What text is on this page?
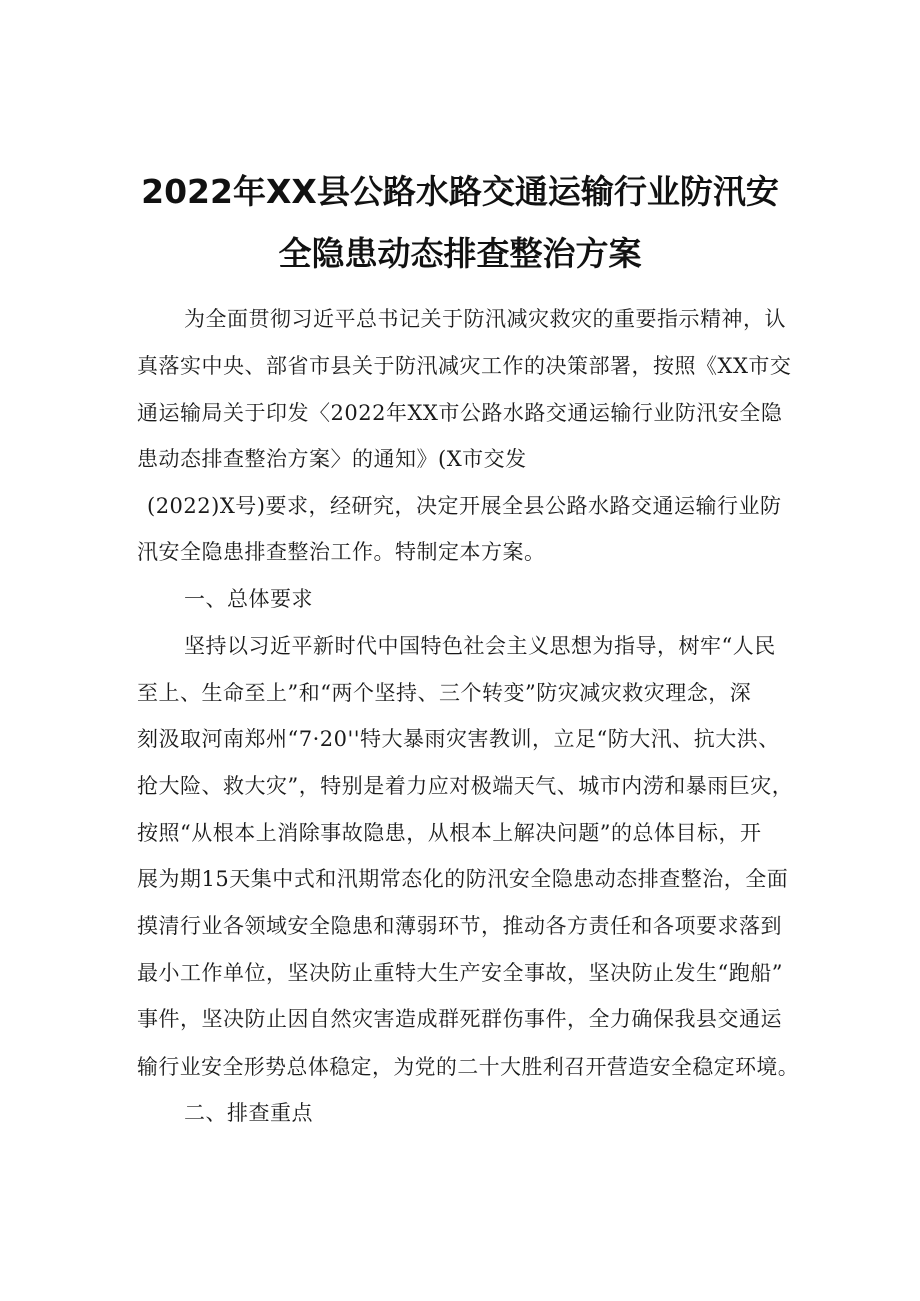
2022年XX县公路水路交通运输行业防汛安
全隐患动态排查整治方案

为全面贯彻习近平总书记关于防汛减灾救灾的重要指示精神，认

真落实中央、部省市县关于防汛减灾工作的决策部署，按照《XX市交

通运输局关于印发〈2022年XX市公路水路交通运输行业防汛安全隐

患动态排查整治方案〉的通知》(X市交发

(2022)X号)要求，经研究，决定开展全县公路水路交通运输行业防

汛安全隐患排查整治工作。特制定本方案。

一、总体要求

坚持以习近平新时代中国特色社会主义思想为指导，树牢“人民

至上、生命至上”和“两个坚持、三个转变”防灾减灾救灾理念，深

刻汲取河南郑州“7·20''特大暴雨灾害教训，立足“防大汛、抗大洪、

抢大险、救大灾”，特别是着力应对极端天气、城市内涝和暴雨巨灾，

按照“从根本上消除事故隐患，从根本上解决问题”的总体目标，开

展为期15天集中式和汛期常态化的防汛安全隐患动态排查整治，全面

摸清行业各领域安全隐患和薄弱环节，推动各方责任和各项要求落到

最小工作单位，坚决防止重特大生产安全事故，坚决防止发生“跑船”

事件，坚决防止因自然灾害造成群死群伤事件，全力确保我县交通运

输行业安全形势总体稳定，为党的二十大胜利召开营造安全稳定环境。

二、排查重点
